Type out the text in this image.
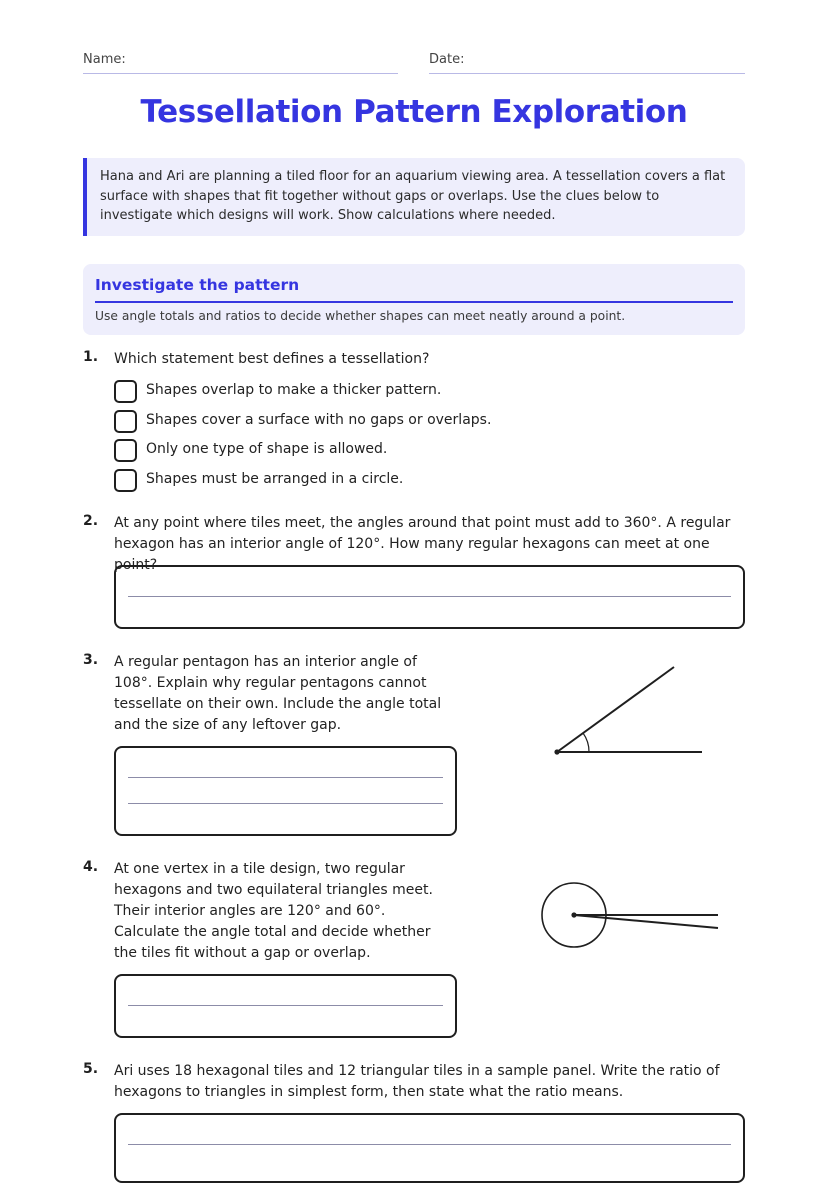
Name:	Date:
Tessellation Pattern Exploration
Hana and Ari are planning a tiled floor for an aquarium viewing area. A tessellation covers a flat surface with shapes that fit together without gaps or overlaps. Use the clues below to investigate which designs will work. Show calculations where needed.
Investigate the pattern
Use angle totals and ratios to decide whether shapes can meet neatly around a point.
1. Which statement best defines a tessellation?
Shapes overlap to make a thicker pattern.
Shapes cover a surface with no gaps or overlaps.
Only one type of shape is allowed.
Shapes must be arranged in a circle.
2. At any point where tiles meet, the angles around that point must add to 360°. A regular hexagon has an interior angle of 120°. How many regular hexagons can meet at one point?
3. A regular pentagon has an interior angle of 108°. Explain why regular pentagons cannot tessellate on their own. Include the angle total and the size of any leftover gap.
4. At one vertex in a tile design, two regular hexagons and two equilateral triangles meet. Their interior angles are 120° and 60°. Calculate the angle total and decide whether the tiles fit without a gap or overlap.
5. Ari uses 18 hexagonal tiles and 12 triangular tiles in a sample panel. Write the ratio of hexagons to triangles in simplest form, then state what the ratio means.
